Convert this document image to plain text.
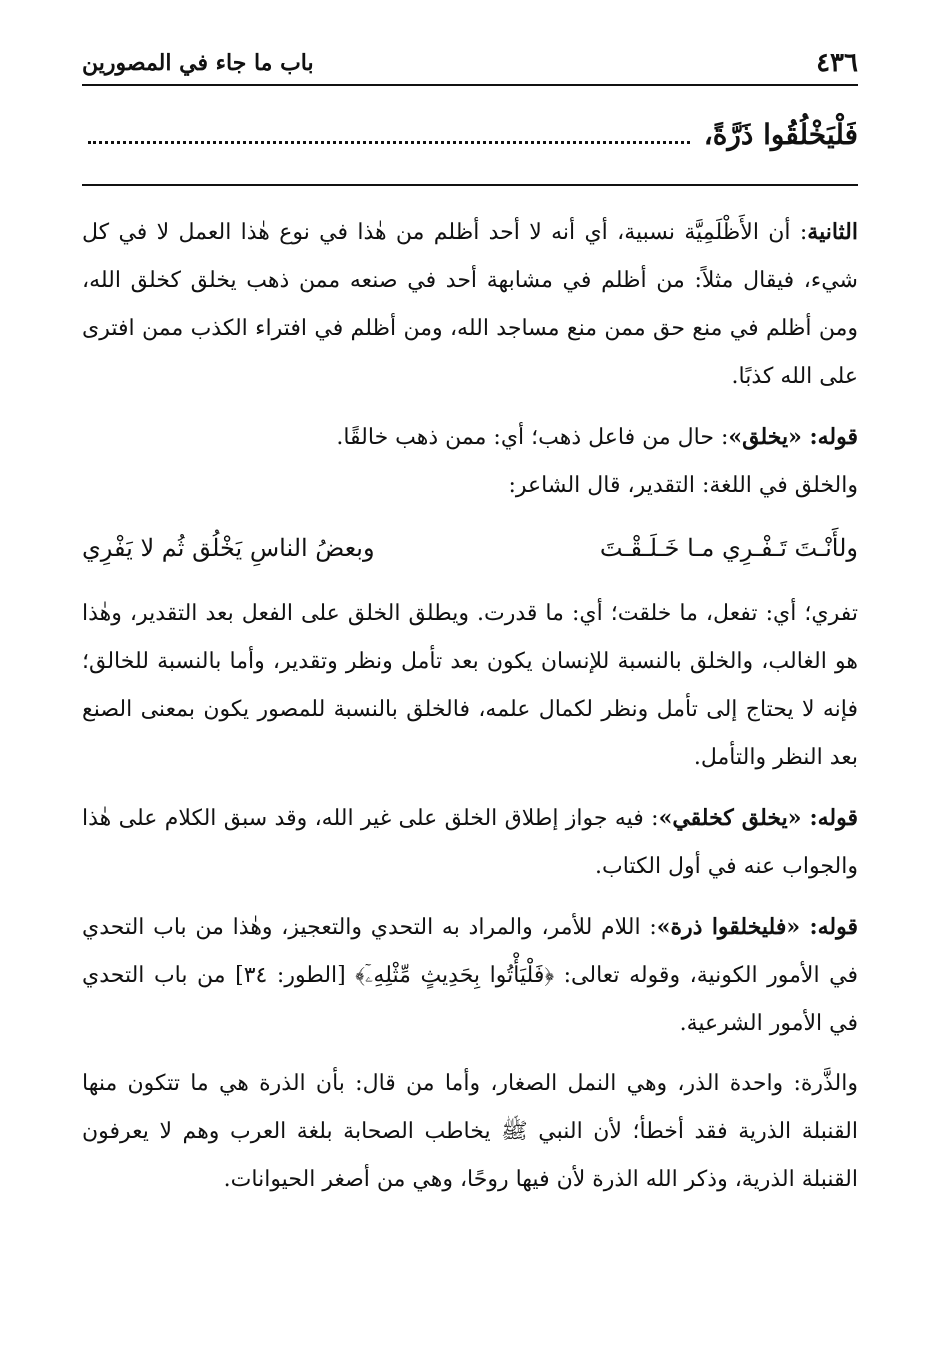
٤٣٦
باب ما جاء في المصورين
فَلْيَخْلُقُوا ذَرَّةً،

الثانية: أن الأَظْلَمِيَّة نسبية، أي أنه لا أحد أظلم من هٰذا في نوع هٰذا العمل لا في كل شيء، فيقال مثلاً: من أظلم في مشابهة أحد في صنعه ممن ذهب يخلق كخلق الله، ومن أظلم في منع حق ممن منع مساجد الله، ومن أظلم في افتراء الكذب ممن افترى على الله كذبًا.

قوله: «يخلق»: حال من فاعل ذهب؛ أي: ممن ذهب خالقًا.

والخلق في اللغة: التقدير، قال الشاعر:

ولأَنْـتَ تَـفْـرِي مـا خَـلَـقْـتَ
وبعضُ الناسِ يَخْلُق ثُم لا يَفْرِي

تفري؛ أي: تفعل، ما خلقت؛ أي: ما قدرت. ويطلق الخلق على الفعل بعد التقدير، وهٰذا هو الغالب، والخلق بالنسبة للإنسان يكون بعد تأمل ونظر وتقدير، وأما بالنسبة للخالق؛ فإنه لا يحتاج إلى تأمل ونظر لكمال علمه، فالخلق بالنسبة للمصور يكون بمعنى الصنع بعد النظر والتأمل.

قوله: «يخلق كخلقي»: فيه جواز إطلاق الخلق على غير الله، وقد سبق الكلام على هٰذا والجواب عنه في أول الكتاب.

قوله: «فليخلقوا ذرة»: اللام للأمر، والمراد به التحدي والتعجيز، وهٰذا من باب التحدي في الأمور الكونية، وقوله تعالى: ﴿فَلْيَأْتُوا بِحَدِيثٍ مِّثْلِهِۦٓ﴾ [الطور: ٣٤] من باب التحدي في الأمور الشرعية.

والذَّرة: واحدة الذر، وهي النمل الصغار، وأما من قال: بأن الذرة هي ما تتكون منها القنبلة الذرية فقد أخطأ؛ لأن النبي ﷺ يخاطب الصحابة بلغة العرب وهم لا يعرفون القنبلة الذرية، وذكر الله الذرة لأن فيها روحًا، وهي من أصغر الحيوانات.
